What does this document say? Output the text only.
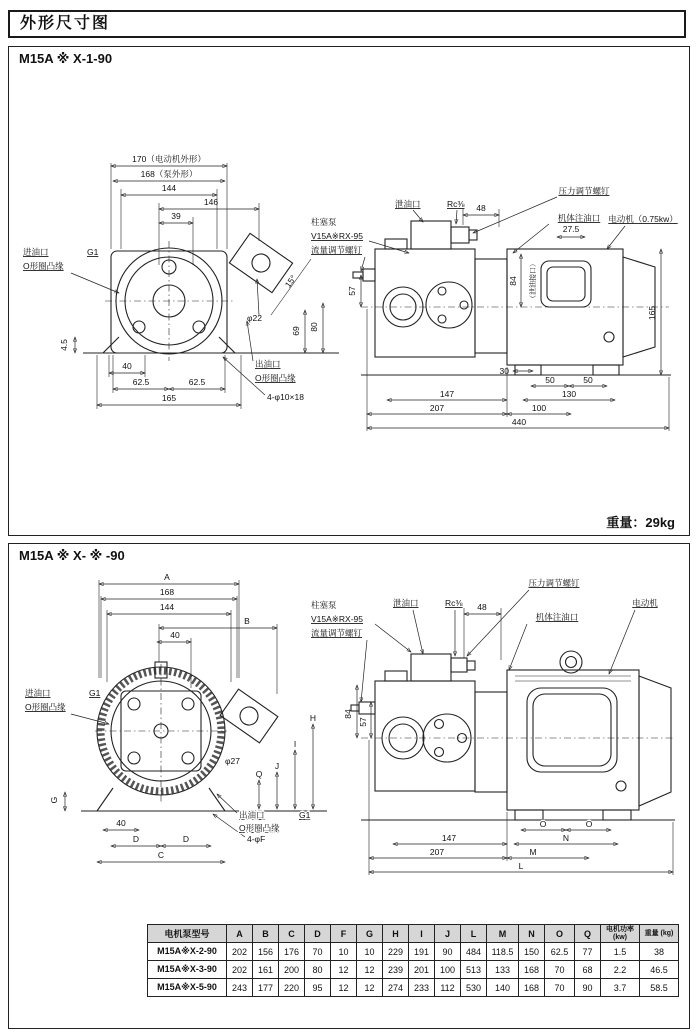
外形尺寸图
M15A ※ X-1-90
170（电动机外形）
168（泵外形）
144
146
39
进油口	G1
O形圈凸缘
4.5
40
62.5	62.5
165
69 80
φ22
15°
出油口
O形圈凸缘
4-φ10×18
泄油口	Rc⅜ 48
压力调节螺钉
机体注油口
27.5
电动机（0.75kw）
柱塞泵
V15A※RX-95
流量调节螺钉
57
84 （泄油接口）
165
30
50	50
130
147
207	100
440
重量：29kg
M15A ※ X- ※ -90
A
168
144
B
40
进油口	G1
O形圈凸缘
G
40
D	D
C
4-φF
φ27
Q
J
I
H
出油口	G1
O形圈凸缘
压力调节螺钉
泄油口	Rc⅜ 48
机体注油口
电动机
柱塞泵
V15A※RX-95
流量调节螺钉
84
57
O	O
147	N
207	M
L
电机泵型号	A	B	C	D	F	G	H	I	J	L	M	N	O	Q	电机功率 (kw)	重量 (kg)
M15A※X-2-90	202	156	176	70	10	10	229	191	90	484	118.5	150	62.5	77	1.5	38
M15A※X-3-90	202	161	200	80	12	12	239	201	100	513	133	168	70	68	2.2	46.5
M15A※X-5-90	243	177	220	95	12	12	274	233	112	530	140	168	70	90	3.7	58.5
